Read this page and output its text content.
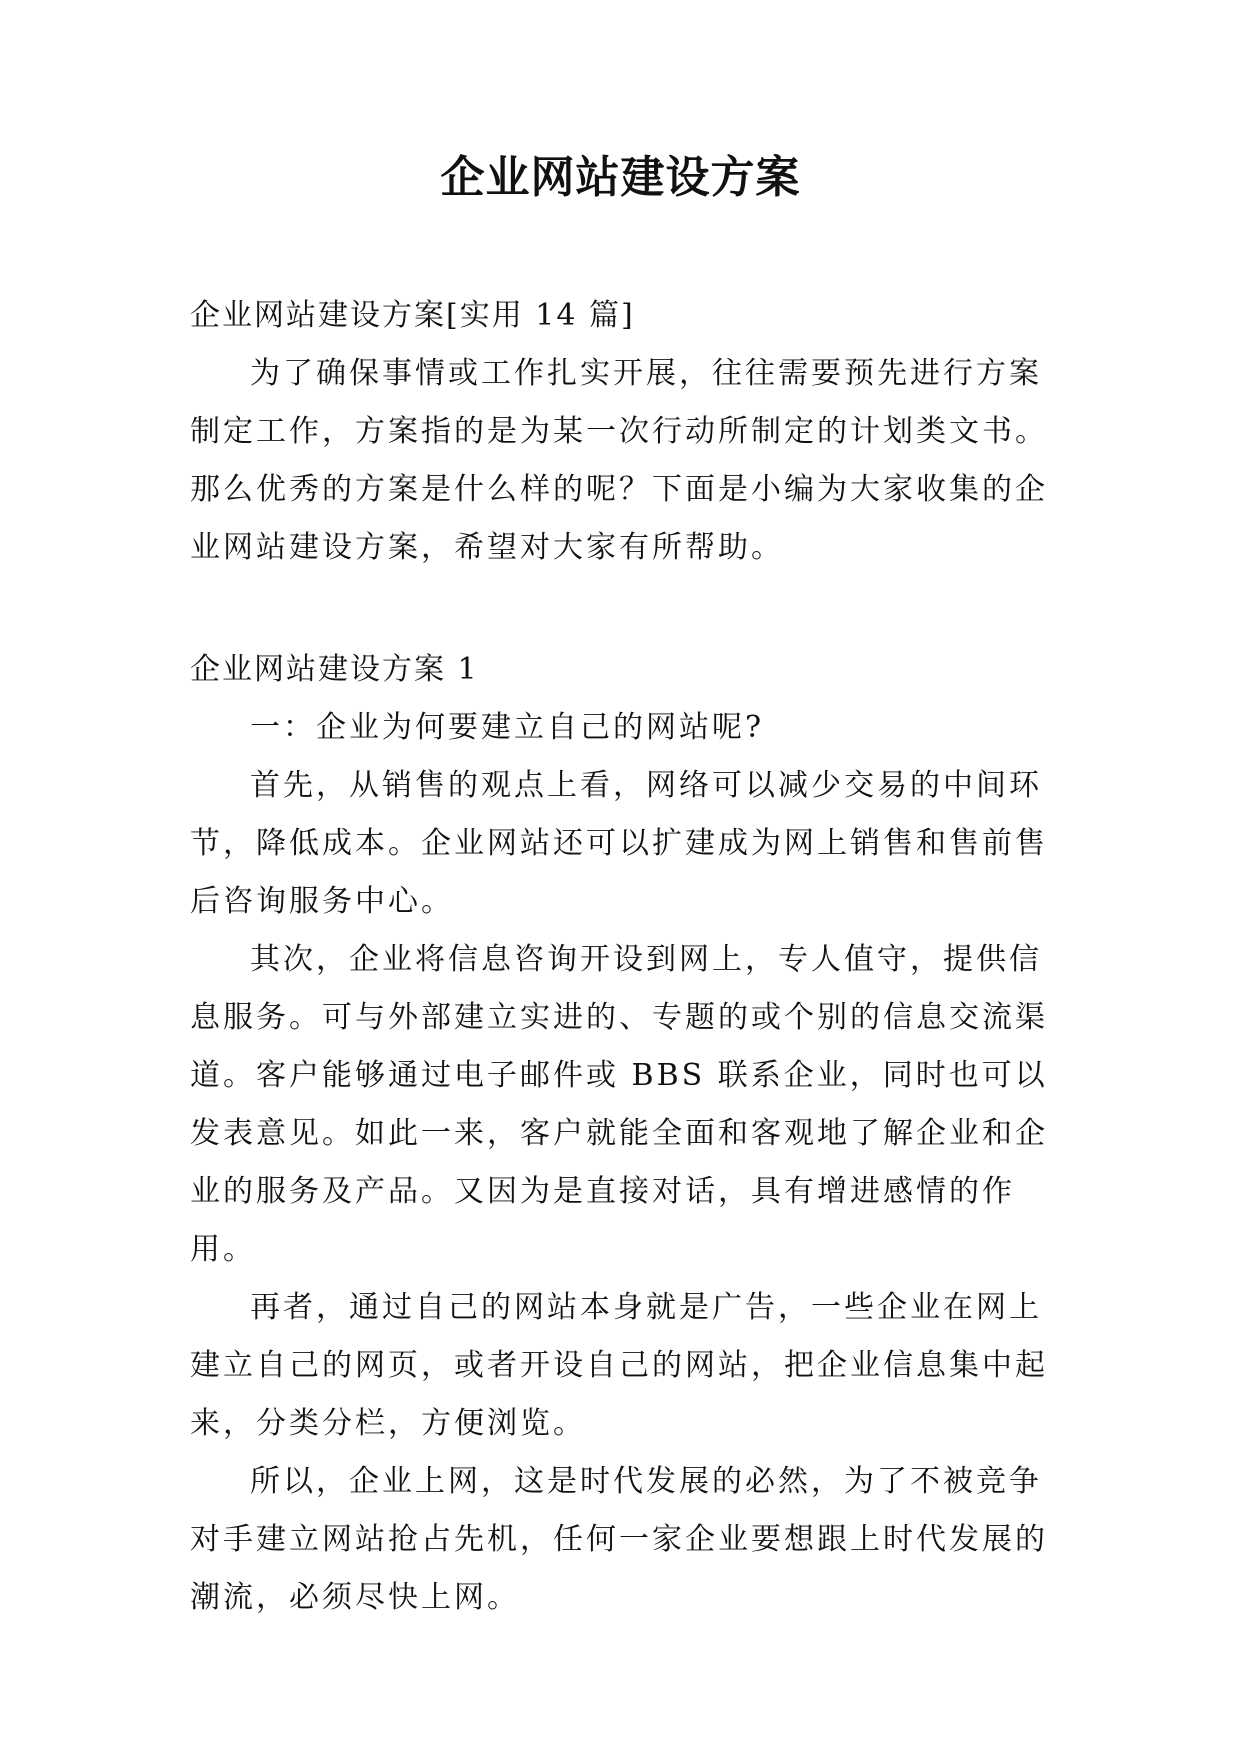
企业网站建设方案

企业网站建设方案[实用 14 篇]

为了确保事情或工作扎实开展，往往需要预先进行方案制定工作，方案指的是为某一次行动所制定的计划类文书。那么优秀的方案是什么样的呢？下面是小编为大家收集的企业网站建设方案，希望对大家有所帮助。

企业网站建设方案 1

一：企业为何要建立自己的网站呢?

首先，从销售的观点上看，网络可以减少交易的中间环节，降低成本。企业网站还可以扩建成为网上销售和售前售后咨询服务中心。

其次，企业将信息咨询开设到网上，专人值守，提供信息服务。可与外部建立实进的、专题的或个别的信息交流渠道。客户能够通过电子邮件或 BBS 联系企业，同时也可以发表意见。如此一来，客户就能全面和客观地了解企业和企业的服务及产品。又因为是直接对话，具有增进感情的作用。

再者，通过自己的网站本身就是广告，一些企业在网上建立自己的网页，或者开设自己的网站，把企业信息集中起来，分类分栏，方便浏览。

所以，企业上网，这是时代发展的必然，为了不被竞争对手建立网站抢占先机，任何一家企业要想跟上时代发展的潮流，必须尽快上网。
